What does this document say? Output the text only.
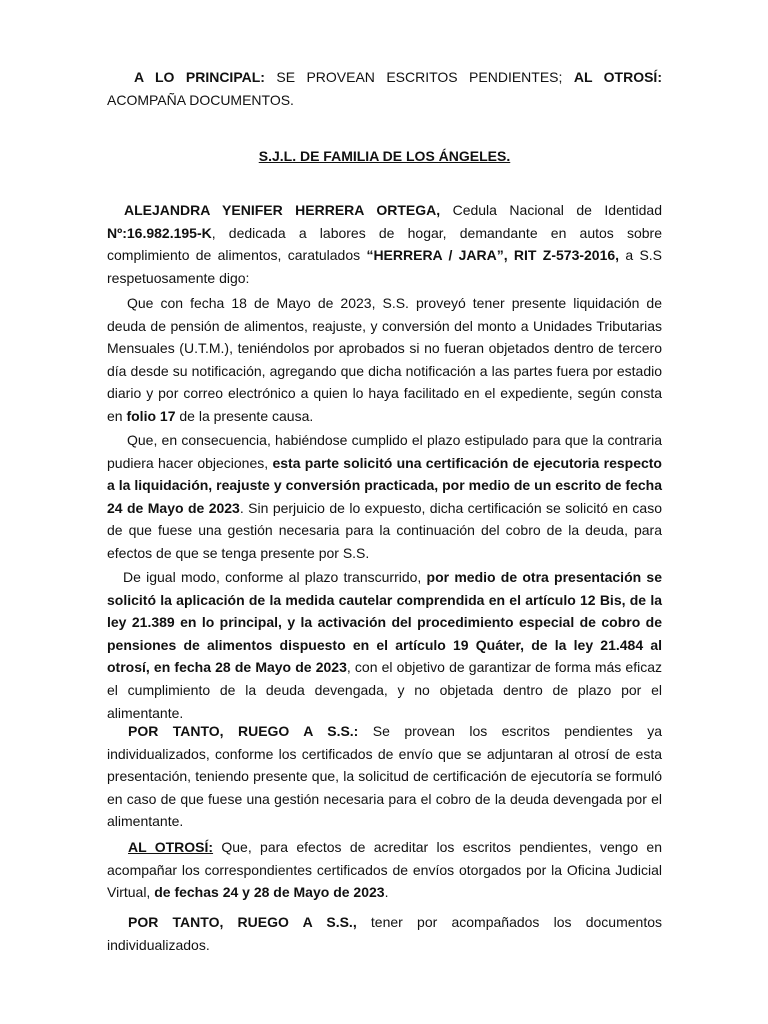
A LO PRINCIPAL: SE PROVEAN ESCRITOS PENDIENTES; AL OTROSÍ: ACOMPAÑA DOCUMENTOS.

S.J.L. DE FAMILIA DE LOS ÁNGELES.

ALEJANDRA YENIFER HERRERA ORTEGA, Cedula Nacional de Identidad Nº:16.982.195-K, dedicada a labores de hogar, demandante en autos sobre complimiento de alimentos, caratulados “HERRERA / JARA”, RIT Z-573-2016, a S.S respetuosamente digo:

Que con fecha 18 de Mayo de 2023, S.S. proveyó tener presente liquidación de deuda de pensión de alimentos, reajuste, y conversión del monto a Unidades Tributarias Mensuales (U.T.M.), teniéndolos por aprobados si no fueran objetados dentro de tercero día desde su notificación, agregando que dicha notificación a las partes fuera por estadio diario y por correo electrónico a quien lo haya facilitado en el expediente, según consta en folio 17 de la presente causa.

Que, en consecuencia, habiéndose cumplido el plazo estipulado para que la contraria pudiera hacer objeciones, esta parte solicitó una certificación de ejecutoria respecto a la liquidación, reajuste y conversión practicada, por medio de un escrito de fecha 24 de Mayo de 2023. Sin perjuicio de lo expuesto, dicha certificación se solicitó en caso de que fuese una gestión necesaria para la continuación del cobro de la deuda, para efectos de que se tenga presente por S.S.

De igual modo, conforme al plazo transcurrido, por medio de otra presentación se solicitó la aplicación de la medida cautelar comprendida en el artículo 12 Bis, de la ley 21.389 en lo principal, y la activación del procedimiento especial de cobro de pensiones de alimentos dispuesto en el artículo 19 Quáter, de la ley 21.484 al otrosí, en fecha 28 de Mayo de 2023, con el objetivo de garantizar de forma más eficaz el cumplimiento de la deuda devengada, y no objetada dentro de plazo por el alimentante.

POR TANTO, RUEGO A S.S.: Se provean los escritos pendientes ya individualizados, conforme los certificados de envío que se adjuntaran al otrosí de esta presentación, teniendo presente que, la solicitud de certificación de ejecutoría se formuló en caso de que fuese una gestión necesaria para el cobro de la deuda devengada por el alimentante.

AL OTROSÍ: Que, para efectos de acreditar los escritos pendientes, vengo en acompañar los correspondientes certificados de envíos otorgados por la Oficina Judicial Virtual, de fechas 24 y 28 de Mayo de 2023.

POR TANTO, RUEGO A S.S., tener por acompañados los documentos individualizados.
